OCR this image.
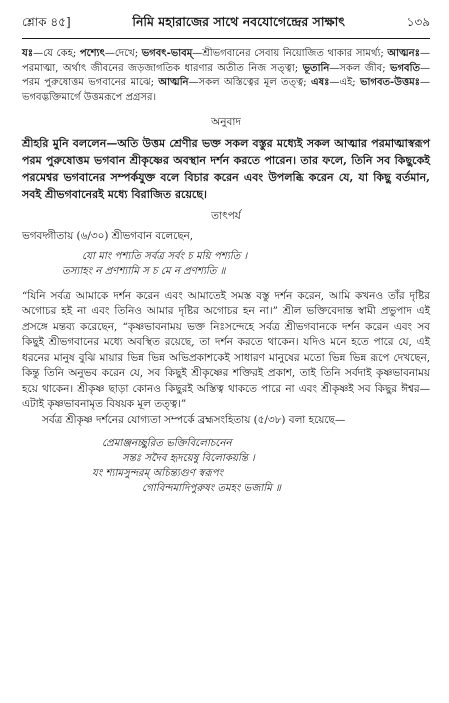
শ্লোক ৪৫]	নিমি মহারাজের সাথে নবযোগেন্দ্রের সাক্ষাৎ	১৩৯

যঃ—যে কেহ; পশ্যেৎ—দেখে; ভগবৎ-ভাবম্—শ্রীভগবানের সেবায় নিয়োজিত থাকার সামর্থ্য; আত্মনঃ—পরমাত্মা, অর্থাৎ জীবনের জড়জাগতিক ধারণার অতীত নিজ সত্ত্বা; ভূতানি—সকল জীব; ভগবতি—পরম পুরুষোত্তম ভগবানের মাঝে; আত্মনি—সকল অস্তিত্বের মূল তত্ত্ব; এষঃ—এই; ভাগবত-উত্তমঃ—ভগবদ্ভক্তিমার্গে উত্তমরূপে প্রগ্রসর।

অনুবাদ

শ্রীহরি মুনি বললেন—অতি উত্তম শ্রেণীর ভক্ত সকল বস্তুর মধ্যেই সকল আত্মার পরমাত্মাস্বরূপ পরম পুরুষোত্তম ভগবান শ্রীকৃষ্ণের অবস্থান দর্শন করতে পারেন। তার ফলে, তিনি সব কিছুকেই পরমেশ্বর ভগবানের সম্পর্কযুক্ত বলে বিচার করেন এবং উপলব্ধি করেন যে, যা কিছু বর্তমান, সবই শ্রীভগবানেরই মধ্যে বিরাজিত রয়েছে।

তাৎপর্য
ভগবদ্গীতায় (৬/৩০) শ্রীভগবান বলেছেন,
যো মাং পশ্যতি সর্বত্র সর্বং চ ময়ি পশ্যতি ।
তস্যাহং ন প্রণশ্যামি স চ মে ন প্রণশ্যতি ॥

“যিনি সর্বত্র আমাকে দর্শন করেন এবং আমাতেই সমস্ত বস্তু দর্শন করেন, আমি কখনও তাঁর দৃষ্টির অগোচর হই না এবং তিনিও আমার দৃষ্টির অগোচর হন না।” শ্রীল ভক্তিবেদান্ত স্বামী প্রভুপাদ এই প্রসঙ্গে মন্তব্য করেছেন, “কৃষ্ণভাবনাময় ভক্ত নিঃসন্দেহে সর্বত্র শ্রীভগবানকে দর্শন করেন এবং সব কিছুই শ্রীভগবানের মধ্যে অবস্থিত রয়েছে, তা দর্শন করতে থাকেন। যদিও মনে হতে পারে যে, এই ধরনের মানুষ বুঝি মায়ার ভিন্ন ভিন্ন অভিপ্রকাশকেই সাধারণ মানুষের মতো ভিন্ন ভিন্ন রূপে দেখছেন, কিন্তু তিনি অনুভব করেন যে, সব কিছুই শ্রীকৃষ্ণের শক্তিরই প্রকাশ, তাই তিনি সর্বদাই কৃষ্ণভাবনাময় হয়ে থাকেন। শ্রীকৃষ্ণ ছাড়া কোনও কিছুরই অস্তিত্ব থাকতে পারে না এবং শ্রীকৃষ্ণই সব কিছুর ঈশ্বর—এটাই কৃষ্ণভাবনামৃত বিষয়ক মূল তত্ত্ব।”

সর্বত্র শ্রীকৃষ্ণ দর্শনের যোগ্যতা সম্পর্কে ব্রহ্মসংহিতায় (৫/৩৮) বলা হয়েছে—
প্রেমাঞ্জনচ্ছুরিত ভক্তিবিলোচনেন
সন্তঃ সদৈব হৃদয়েষু বিলোকয়ন্তি ।
যং শ্যামসুন্দরম্ অচিন্ত্যগুণ স্বরূপং
গোবিন্দমাদিপুরুষং তমহং ভজামি ॥
